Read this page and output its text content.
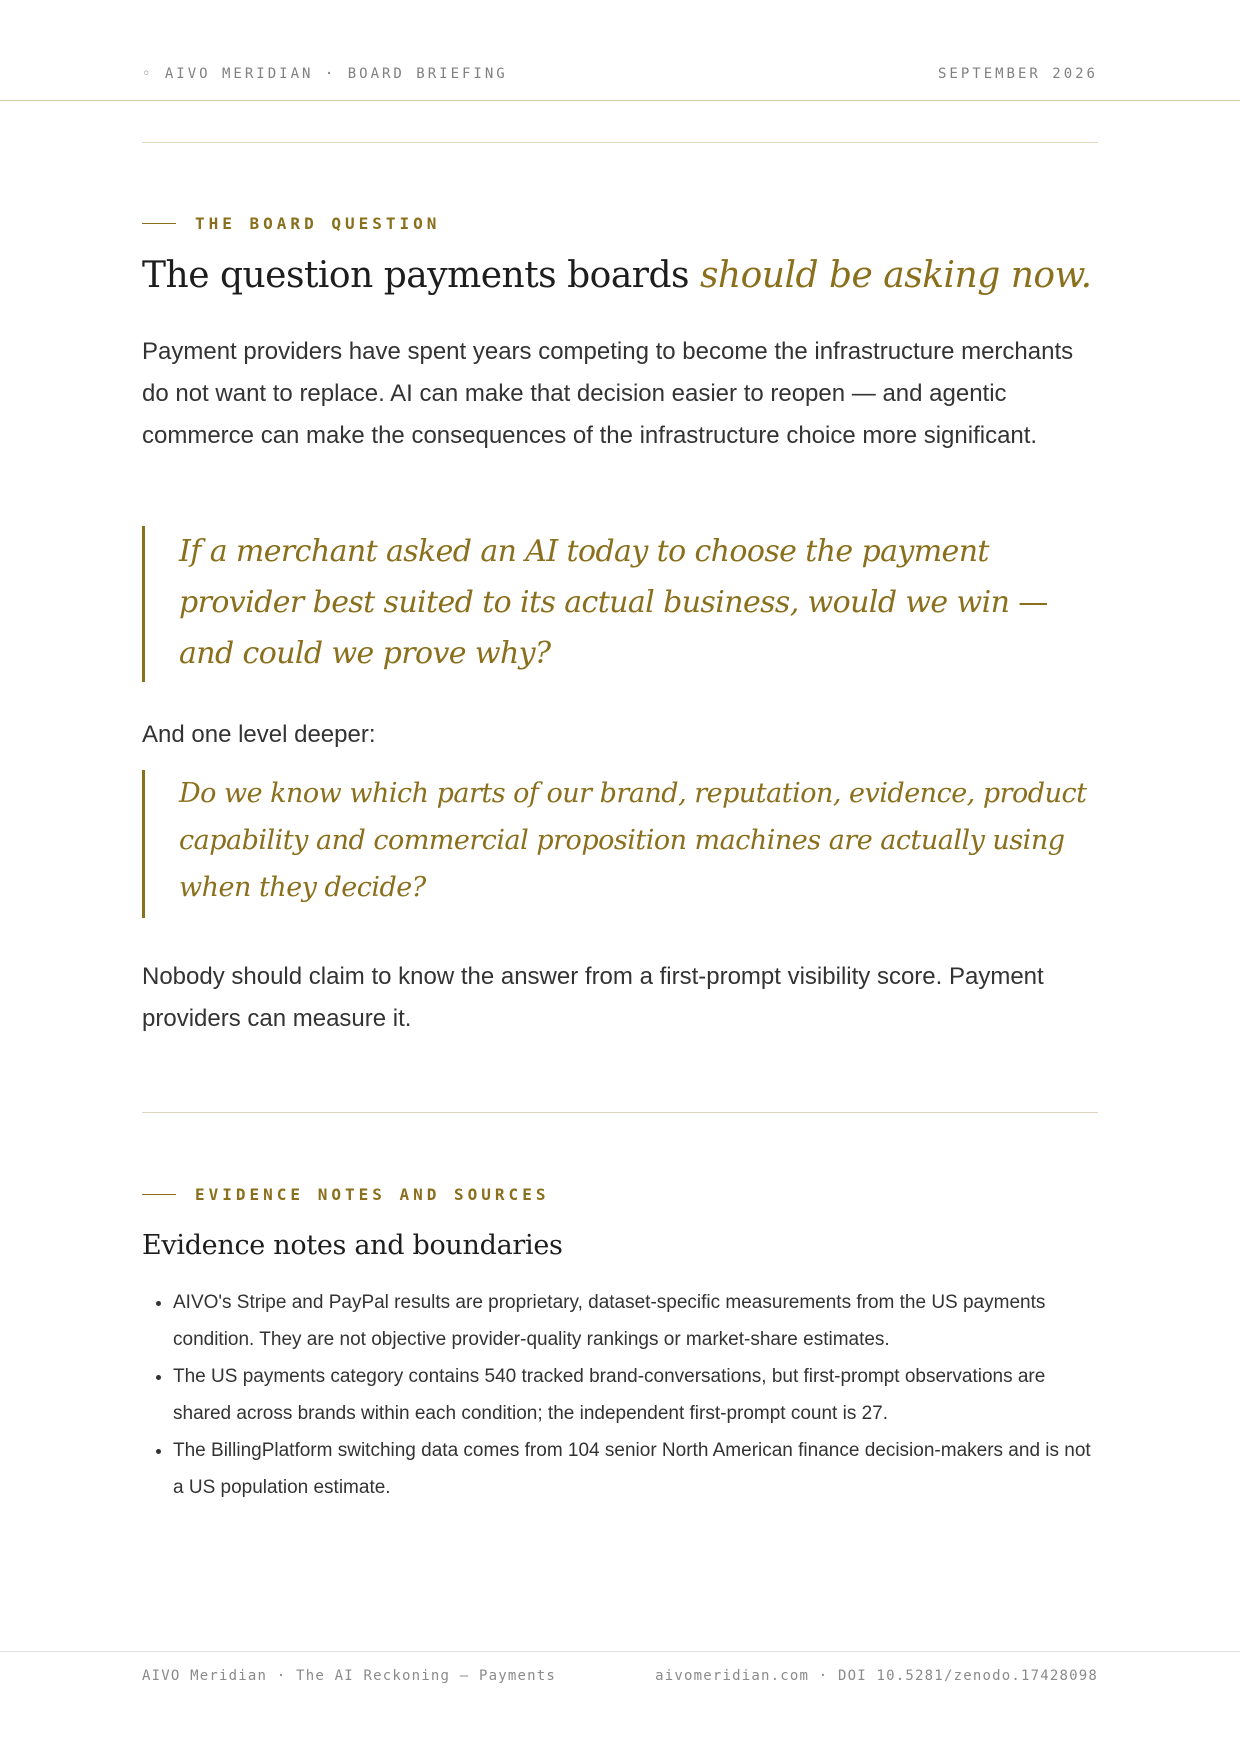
◦ AIVO MERIDIAN · BOARD BRIEFING	SEPTEMBER 2026
THE BOARD QUESTION
The question payments boards should be asking now.
Payment providers have spent years competing to become the infrastructure merchants do not want to replace. AI can make that decision easier to reopen — and agentic commerce can make the consequences of the infrastructure choice more significant.
If a merchant asked an AI today to choose the payment provider best suited to its actual business, would we win — and could we prove why?
And one level deeper:
Do we know which parts of our brand, reputation, evidence, product capability and commercial proposition machines are actually using when they decide?
Nobody should claim to know the answer from a first-prompt visibility score. Payment providers can measure it.
EVIDENCE NOTES AND SOURCES
Evidence notes and boundaries
• AIVO's Stripe and PayPal results are proprietary, dataset-specific measurements from the US payments condition. They are not objective provider-quality rankings or market-share estimates.
• The US payments category contains 540 tracked brand-conversations, but first-prompt observations are shared across brands within each condition; the independent first-prompt count is 27.
• The BillingPlatform switching data comes from 104 senior North American finance decision-makers and is not a US population estimate.
AIVO Meridian · The AI Reckoning — Payments	aivomeridian.com · DOI 10.5281/zenodo.17428098
